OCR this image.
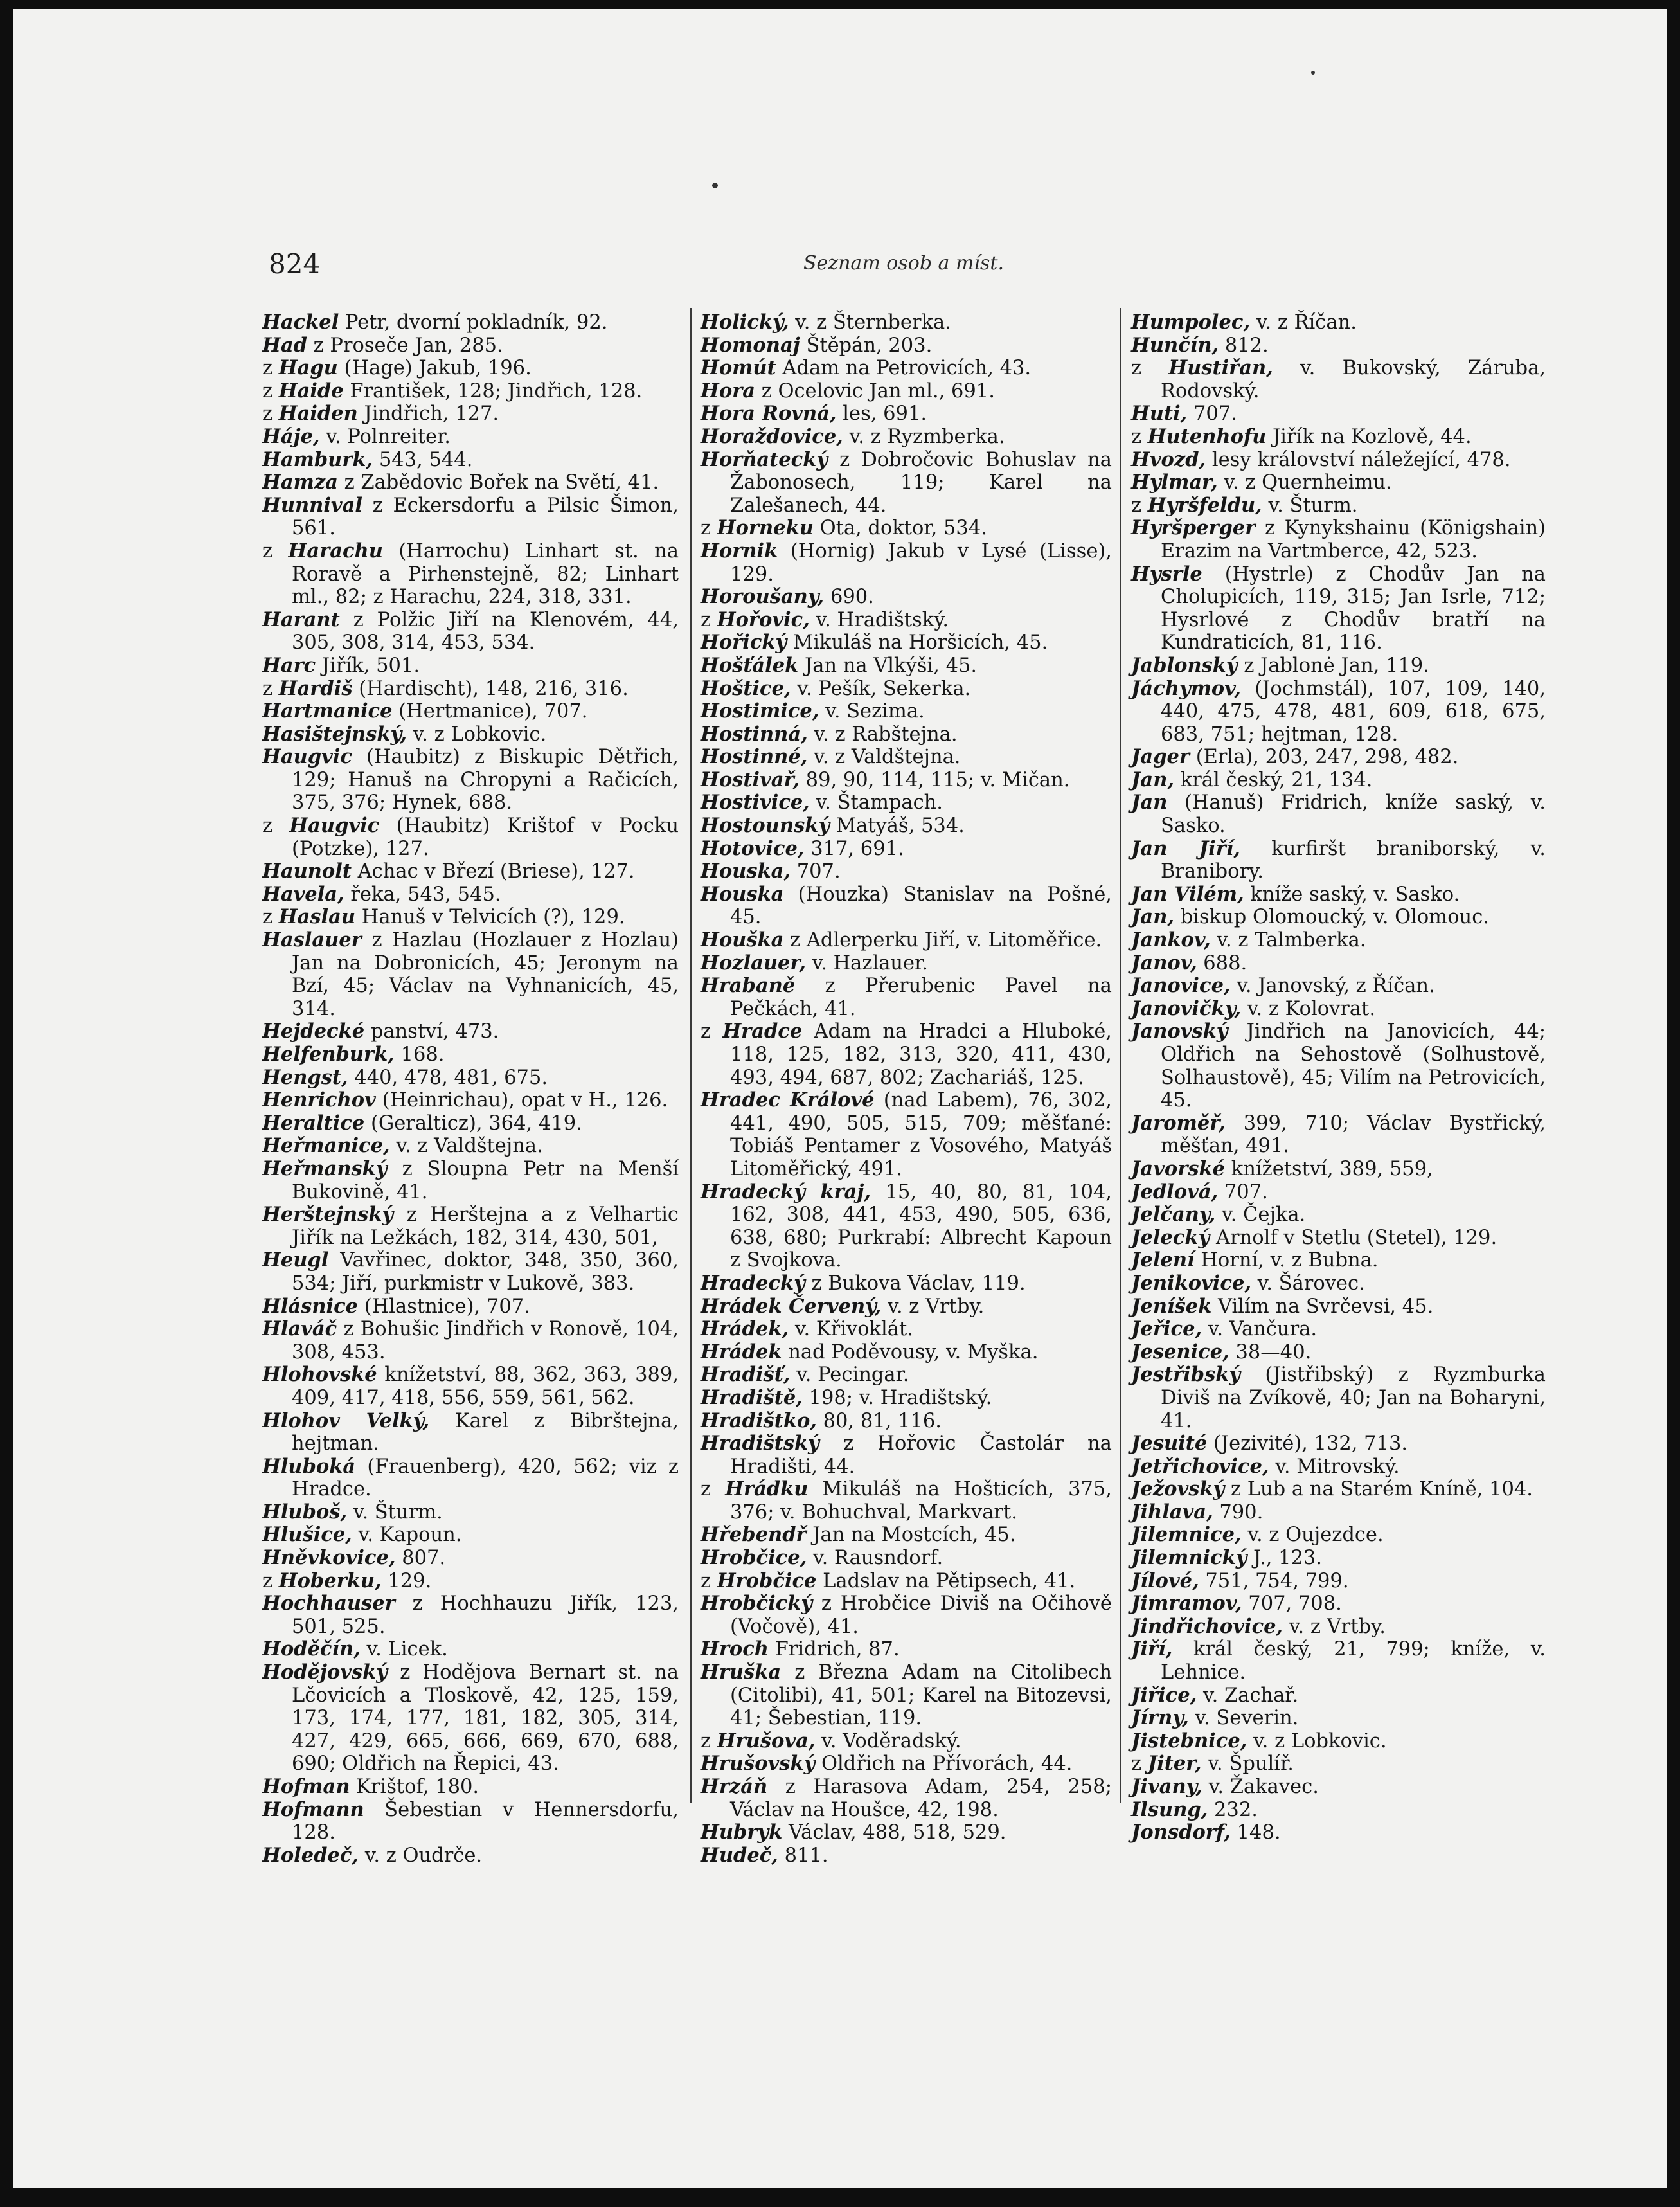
824	Seznam osob a míst.
Hackel Petr, dvorní pokladník, 92.
Had z Proseče Jan, 285.
z Hagu (Hage) Jakub, 196.
z Haide František, 128; Jindřich, 128.
z Haiden Jindřich, 127.
Háje, v. Polnreiter.
Hamburk, 543, 544.
Hamza z Zabědovic Bořek na Světí, 41.
Hunnival z Eckersdorfu a Pilsic Šimon, 561.
z Harachu (Harrochu) Linhart st. na Roravě a Pirhenstejně, 82; Linhart ml., 82; z Harachu, 224, 318, 331.
Harant z Polžic Jiří na Klenovém, 44, 305, 308, 314, 453, 534.
Harc Jiřík, 501.
z Hardiš (Hardischt), 148, 216, 316.
Hartmanice (Hertmanice), 707.
Hasištejnský, v. z Lobkovic.
Haugvic (Haubitz) z Biskupic Dětřich, 129; Hanuš na Chropyni a Račicích, 375, 376; Hynek, 688.
z Haugvic (Haubitz) Krištof v Pocku (Potzke), 127.
Haunolt Achac v Březí (Briese), 127.
Havela, řeka, 543, 545.
z Haslau Hanuš v Telvicích (?), 129.
Haslauer z Hazlau (Hozlauer z Hozlau) Jan na Dobronicích, 45; Jeronym na Bzí, 45; Václav na Vyhnanicích, 45, 314.
Hejdecké panství, 473.
Helfenburk, 168.
Hengst, 440, 478, 481, 675.
Henrichov (Heinrichau), opat v H., 126.
Heraltice (Geralticz), 364, 419.
Heřmanice, v. z Valdštejna.
Heřmanský z Sloupna Petr na Menší Bukovině, 41.
Herštejnský z Herštejna a z Velhartic Jiřík na Ležkách, 182, 314, 430, 501,
Heugl Vavřinec, doktor, 348, 350, 360, 534; Jiří, purkmistr v Lukově, 383.
Hlásnice (Hlastnice), 707.
Hlaváč z Bohušic Jindřich v Ronově, 104, 308, 453.
Hlohovské knížetství, 88, 362, 363, 389, 409, 417, 418, 556, 559, 561, 562.
Hlohov Velký, Karel z Bibrštejna, hejtman.
Hluboká (Frauenberg), 420, 562; viz z Hradce.
Hluboš, v. Šturm.
Hlušice, v. Kapoun.
Hněvkovice, 807.
z Hoberku, 129.
Hochhauser z Hochhauzu Jiřík, 123, 501, 525.
Hoděčín, v. Licek.
Hodějovský z Hodějova Bernart st. na Lčovicích a Tloskově, 42, 125, 159, 173, 174, 177, 181, 182, 305, 314, 427, 429, 665, 666, 669, 670, 688, 690; Oldřich na Řepici, 43.
Hofman Krištof, 180.
Hofmann Šebestian v Hennersdorfu, 128.
Holedeč, v. z Oudrče.
Holický, v. z Šternberka.
Homonaj Štěpán, 203.
Homút Adam na Petrovicích, 43.
Hora z Ocelovic Jan ml., 691.
Hora Rovná, les, 691.
Horaždovice, v. z Ryzmberka.
Horňatecký z Dobročovic Bohuslav na Žabonosech, 119; Karel na Zalešanech, 44.
z Horneku Ota, doktor, 534.
Hornik (Hornig) Jakub v Lysé (Lisse), 129.
Horoušany, 690.
z Hořovic, v. Hradištský.
Hořický Mikuláš na Horšicích, 45.
Hošťálek Jan na Vlkýši, 45.
Hoštice, v. Pešík, Sekerka.
Hostimice, v. Sezima.
Hostinná, v. z Rabštejna.
Hostinné, v. z Valdštejna.
Hostivař, 89, 90, 114, 115; v. Mičan.
Hostivice, v. Štampach.
Hostounský Matyáš, 534.
Hotovice, 317, 691.
Houska, 707.
Houska (Houzka) Stanislav na Pošné, 45.
Houška z Adlerperku Jiří, v. Litoměřice.
Hozlauer, v. Hazlauer.
Hrabaně z Přerubenic Pavel na Pečkách, 41.
z Hradce Adam na Hradci a Hluboké, 118, 125, 182, 313, 320, 411, 430, 493, 494, 687, 802; Zachariáš, 125.
Hradec Králové (nad Labem), 76, 302, 441, 490, 505, 515, 709; měšťané: Tobiáš Pentamer z Vosového, Matyáš Litoměřický, 491.
Hradecký kraj, 15, 40, 80, 81, 104, 162, 308, 441, 453, 490, 505, 636, 638, 680; Purkrabí: Albrecht Kapoun z Svojkova.
Hradecký z Bukova Václav, 119.
Hrádek Červený, v. z Vrtby.
Hrádek, v. Křivoklát.
Hrádek nad Poděvousy, v. Myška.
Hradišť, v. Pecingar.
Hradiště, 198; v. Hradištský.
Hradištko, 80, 81, 116.
Hradištský z Hořovic Častolár na Hradišti, 44.
z Hrádku Mikuláš na Hošticích, 375, 376; v. Bohuchval, Markvart.
Hřebendř Jan na Mostcích, 45.
Hrobčice, v. Rausndorf.
z Hrobčice Ladslav na Pětipsech, 41.
Hrobčický z Hrobčice Diviš na Očihově (Vočově), 41.
Hroch Fridrich, 87.
Hruška z Března Adam na Citolibech (Citolibi), 41, 501; Karel na Bitozevsi, 41; Šebestian, 119.
z Hrušova, v. Voděradský.
Hrušovský Oldřich na Přívorách, 44.
Hrzáň z Harasova Adam, 254, 258; Václav na Houšce, 42, 198.
Hubryk Václav, 488, 518, 529.
Hudeč, 811.
Humpolec, v. z Říčan.
Hunčín, 812.
z Hustiřan, v. Bukovský, Záruba, Rodovský.
Huti, 707.
z Hutenhofu Jiřík na Kozlově, 44.
Hvozd, lesy království náležející, 478.
Hylmar, v. z Quernheimu.
z Hyršfeldu, v. Šturm.
Hyršperger z Kynykshainu (Königshain) Erazim na Vartmberce, 42, 523.
Hysrle (Hystrle) z Chodův Jan na Cholupicích, 119, 315; Jan Isrle, 712; Hysrlové z Chodův bratří na Kundraticích, 81, 116.
Jablonský z Jablonė Jan, 119.
Jáchymov, (Jochmstál), 107, 109, 140, 440, 475, 478, 481, 609, 618, 675, 683, 751; hejtman, 128.
Jager (Erla), 203, 247, 298, 482.
Jan, král český, 21, 134.
Jan (Hanuš) Fridrich, kníže saský, v. Sasko.
Jan Jiří, kurfiršt braniborský, v. Branibory.
Jan Vilém, kníže saský, v. Sasko.
Jan, biskup Olomoucký, v. Olomouc.
Jankov, v. z Talmberka.
Janov, 688.
Janovice, v. Janovský, z Říčan.
Janovičky, v. z Kolovrat.
Janovský Jindřich na Janovicích, 44; Oldřich na Sehostově (Solhustově, Solhaustově), 45; Vilím na Petrovicích, 45.
Jaroměř, 399, 710; Václav Bystřický, měšťan, 491.
Javorské knížetství, 389, 559,
Jedlová, 707.
Jelčany, v. Čejka.
Jelecký Arnolf v Stetlu (Stetel), 129.
Jelení Horní, v. z Bubna.
Jenikovice, v. Šárovec.
Jeníšek Vilím na Svrčevsi, 45.
Jeřice, v. Vančura.
Jesenice, 38—40.
Jestřibský (Jistřibský) z Ryzmburka Diviš na Zvíkově, 40; Jan na Boharyni, 41.
Jesuité (Jezivité), 132, 713.
Jetřichovice, v. Mitrovský.
Ježovský z Lub a na Starém Kníně, 104.
Jihlava, 790.
Jilemnice, v. z Oujezdce.
Jilemnický J., 123.
Jílové, 751, 754, 799.
Jimramov, 707, 708.
Jindřichovice, v. z Vrtby.
Jiří, král český, 21, 799; kníže, v. Lehnice.
Jiřice, v. Zachař.
Jírny, v. Severin.
Jistebnice, v. z Lobkovic.
z Jiter, v. Špulíř.
Jivany, v. Žakavec.
Ilsung, 232.
Jonsdorf, 148.
